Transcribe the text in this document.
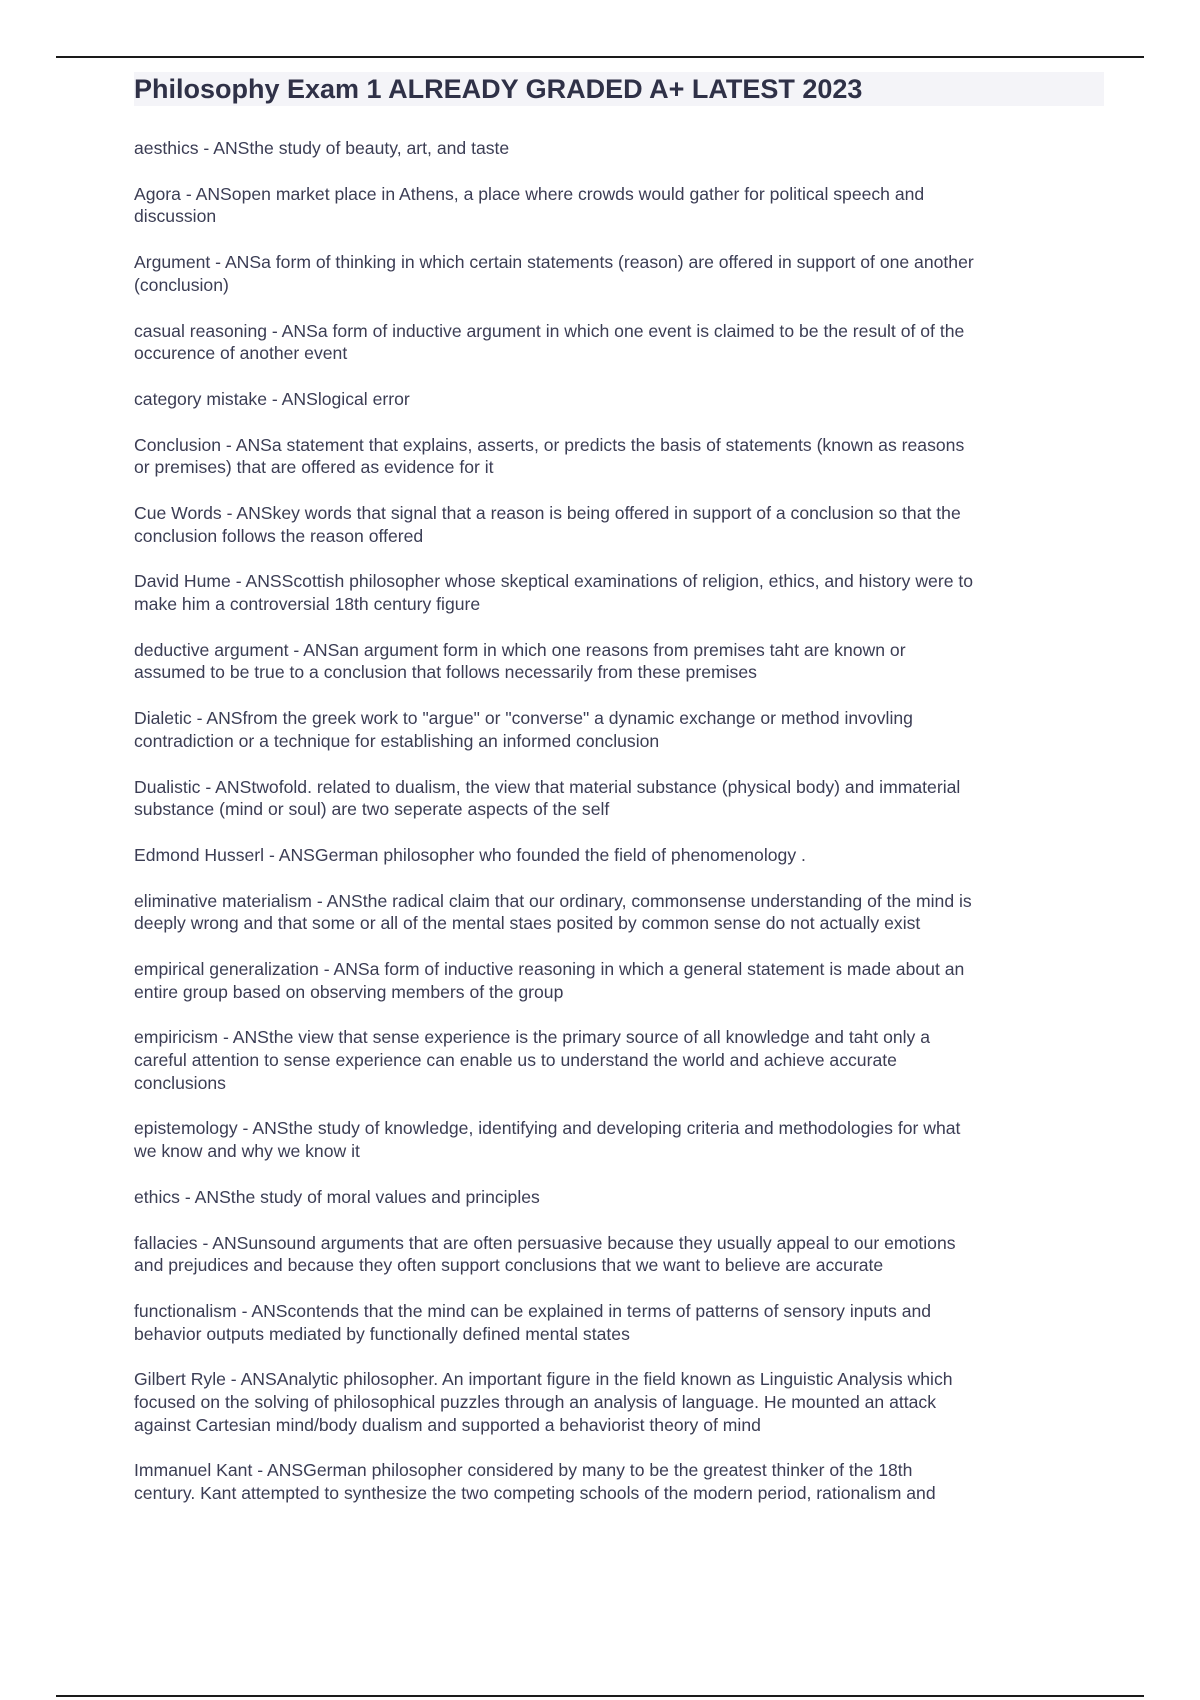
Philosophy Exam 1 ALREADY GRADED A+ LATEST 2023
aesthics - ANSthe study of beauty, art, and taste
Agora - ANSopen market place in Athens, a place where crowds would gather for political speech and
discussion
Argument - ANSa form of thinking in which certain statements (reason) are offered in support of one another
(conclusion)
casual reasoning - ANSa form of inductive argument in which one event is claimed to be the result of of the
occurence of another event
category mistake - ANSlogical error
Conclusion - ANSa statement that explains, asserts, or predicts the basis of statements (known as reasons
or premises) that are offered as evidence for it
Cue Words - ANSkey words that signal that a reason is being offered in support of a conclusion so that the
conclusion follows the reason offered
David Hume - ANSScottish philosopher whose skeptical examinations of religion, ethics, and history were to
make him a controversial 18th century figure
deductive argument - ANSan argument form in which one reasons from premises taht are known or
assumed to be true to a conclusion that follows necessarily from these premises
Dialetic - ANSfrom the greek work to "argue" or "converse" a dynamic exchange or method invovling
contradiction or a technique for establishing an informed conclusion
Dualistic - ANStwofold. related to dualism, the view that material substance (physical body) and immaterial
substance (mind or soul) are two seperate aspects of the self
Edmond Husserl - ANSGerman philosopher who founded the field of phenomenology .
eliminative materialism - ANSthe radical claim that our ordinary, commonsense understanding of the mind is
deeply wrong and that some or all of the mental staes posited by common sense do not actually exist
empirical generalization - ANSa form of inductive reasoning in which a general statement is made about an
entire group based on observing members of the group
empiricism - ANSthe view that sense experience is the primary source of all knowledge and taht only a
careful attention to sense experience can enable us to understand the world and achieve accurate
conclusions
epistemology - ANSthe study of knowledge, identifying and developing criteria and methodologies for what
we know and why we know it
ethics - ANSthe study of moral values and principles
fallacies - ANSunsound arguments that are often persuasive because they usually appeal to our emotions
and prejudices and because they often support conclusions that we want to believe are accurate
functionalism - ANScontends that the mind can be explained in terms of patterns of sensory inputs and
behavior outputs mediated by functionally defined mental states
Gilbert Ryle - ANSAnalytic philosopher. An important figure in the field known as Linguistic Analysis which
focused on the solving of philosophical puzzles through an analysis of language. He mounted an attack
against Cartesian mind/body dualism and supported a behaviorist theory of mind
Immanuel Kant - ANSGerman philosopher considered by many to be the greatest thinker of the 18th
century. Kant attempted to synthesize the two competing schools of the modern period, rationalism and
